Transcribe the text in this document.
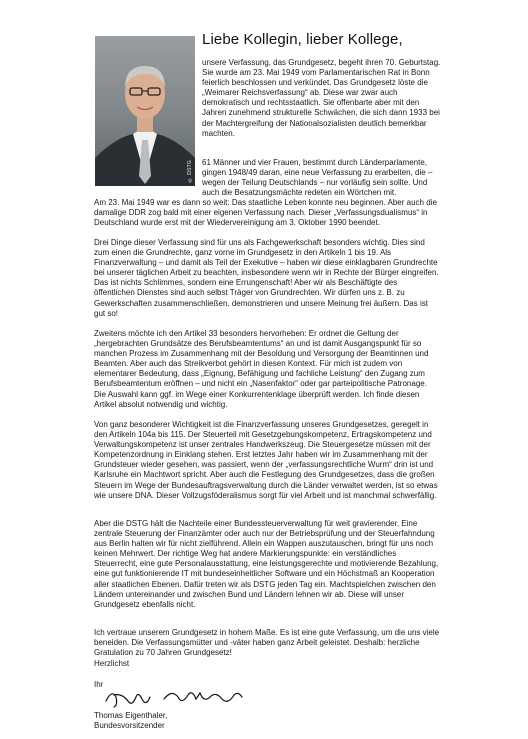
© DSTG
Liebe Kollegin, lieber Kollege,

unsere Verfassung, das Grundgesetz, begeht ihren 70. Geburtstag. Sie wurde am 23. Mai 1949 vom Parlamentarischen Rat in Bonn feierlich beschlossen und verkündet. Das Grundgesetz löste die „Weimarer Reichsverfassung“ ab. Diese war zwar auch demokratisch und rechtsstaatlich. Sie offenbarte aber mit den Jahren zunehmend strukturelle Schwächen, die sich dann 1933 bei der Machtergreifung der Nationalsozialisten deutlich bemerkbar machten.

61 Männer und vier Frauen, bestimmt durch Länderparlamente, gingen 1948/49 daran, eine neue Verfassung zu erarbeiten, die – wegen der Teilung Deutschlands – nur vorläufig sein sollte. Und auch die Besatzungsmächte redeten ein Wörtchen mit.

Am 23. Mai 1949 war es dann so weit: Das staatliche Leben konnte neu beginnen. Aber auch die damalige DDR zog bald mit einer eigenen Verfassung nach. Dieser „Verfassungsdualismus“ in Deutschland wurde erst mit der Wiedervereinigung am 3. Oktober 1990 beendet.

Drei Dinge dieser Verfassung sind für uns als Fachgewerkschaft besonders wichtig. Dies sind zum einen die Grundrechte, ganz vorne im Grundgesetz in den Artikeln 1 bis 19. Als Finanzverwaltung – und damit als Teil der Exekutive – haben wir diese einklagbaren Grundrechte bei unserer täglichen Arbeit zu beachten, insbesondere wenn wir in Rechte der Bürger eingreifen. Das ist nichts Schlimmes, sondern eine Errungenschaft! Aber wir als Beschäftigte des öffentlichen Dienstes sind auch selbst Träger von Grundrechten. Wir dürfen uns z. B. zu Gewerkschaften zusammenschließen, demonstrieren und unsere Meinung frei äußern. Das ist gut so!

Zweitens möchte ich den Artikel 33 besonders hervorheben: Er ordnet die Geltung der „hergebrachten Grundsätze des Berufsbeamtentums“ an und ist damit Ausgangspunkt für so manchen Prozess im Zusammenhang mit der Besoldung und Versorgung der Beamtinnen und Beamten. Aber auch das Streikverbot gehört in diesen Kontext. Für mich ist zudem von elementarer Bedeutung, dass „Eignung, Befähigung und fachliche Leistung“ den Zugang zum Berufsbeamtentum eröffnen – und nicht ein „Nasenfaktor“ oder gar parteipolitische Patronage. Die Auswahl kann ggf. im Wege einer Konkurrentenklage überprüft werden. Ich finde diesen Artikel absolut notwendig und wichtig.

Von ganz besonderer Wichtigkeit ist die Finanzverfassung unseres Grundgesetzes, geregelt in den Artikeln 104a bis 115. Der Steuerteil mit Gesetzgebungskompetenz, Ertragskompetenz und Verwaltungskompetenz ist unser zentrales Handwerkszeug. Die Steuergesetze müssen mit der Kompetenzordnung in Einklang stehen. Erst letztes Jahr haben wir im Zusammenhang mit der Grundsteuer wieder gesehen, was passiert, wenn der „verfassungsrechtliche Wurm“ drin ist und Karlsruhe ein Machtwort spricht. Aber auch die Festlegung des Grundgesetzes, dass die großen Steuern im Wege der Bundesauftragsverwaltung durch die Länder verwaltet werden, ist so etwas wie unsere DNA. Dieser Vollzugsföderalismus sorgt für viel Arbeit und ist manchmal schwerfällig.

Aber die DSTG hält die Nachteile einer Bundessteuerverwaltung für weit gravierender. Eine zentrale Steuerung der Finanzämter oder auch nur der Betriebsprüfung und der Steuerfahndung aus Berlin halten wir für nicht zielführend. Allein ein Wappen auszutauschen, bringt für uns noch keinen Mehrwert. Der richtige Weg hat andere Markierungspunkte: ein verständliches Steuerrecht, eine gute Personalausstattung, eine leistungsgerechte und motivierende Bezahlung, eine gut funktionierende IT mit bundeseinheitlicher Software und ein Höchstmaß an Kooperation aller staatlichen Ebenen. Dafür treten wir als DSTG jeden Tag ein. Machtspielchen zwischen den Ländern untereinander und zwischen Bund und Ländern lehnen wir ab. Diese will unser Grundgesetz ebenfalls nicht.

Ich vertraue unserem Grundgesetz in hohem Maße. Es ist eine gute Verfassung, um die uns viele beneiden. Die Verfassungsmütter und -väter haben ganz Arbeit geleistet. Deshalb: herzliche Gratulation zu 70 Jahren Grundgesetz!

Herzlichst

Ihr

Thomas Eigenthaler,
Bundesvorsitzender
